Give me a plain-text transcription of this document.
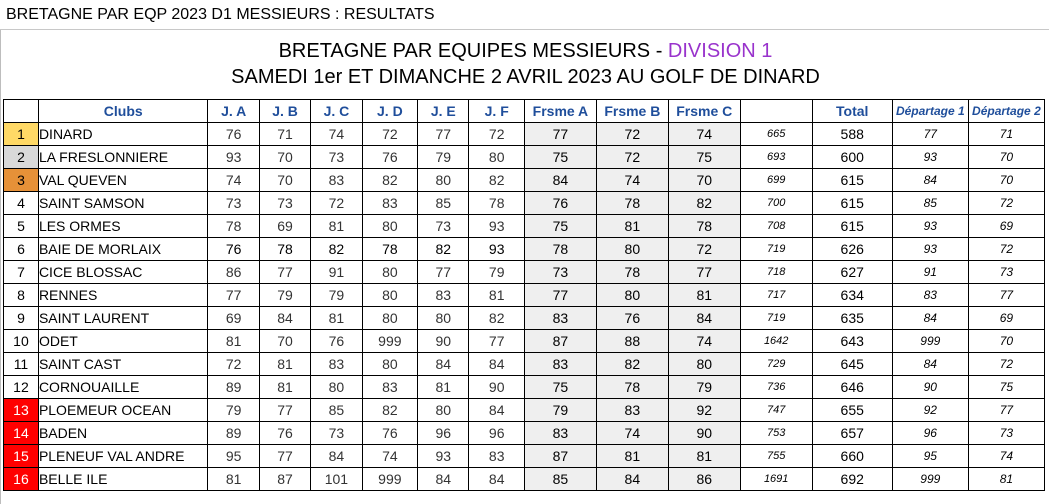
BRETAGNE PAR EQP 2023 D1 MESSIEURS : RESULTATS
BRETAGNE PAR EQUIPES MESSIEURS - DIVISION 1
SAMEDI 1er ET DIMANCHE 2 AVRIL 2023 AU GOLF DE DINARD
	Clubs	J. A	J. B	J. C	J. D	J. E	J. F	Frsme A	Frsme B	Frsme C		Total	Départage 1	Départage 2
1	DINARD	76	71	74	72	77	72	77	72	74	665	588	77	71
2	LA FRESLONNIERE	93	70	73	76	79	80	75	72	75	693	600	93	70
3	VAL QUEVEN	74	70	83	82	80	82	84	74	70	699	615	84	70
4	SAINT SAMSON	73	73	72	83	85	78	76	78	82	700	615	85	72
5	LES ORMES	78	69	81	80	73	93	75	81	78	708	615	93	69
6	BAIE DE MORLAIX	76	78	82	78	82	93	78	80	72	719	626	93	72
7	CICE BLOSSAC	86	77	91	80	77	79	73	78	77	718	627	91	73
8	RENNES	77	79	79	80	83	81	77	80	81	717	634	83	77
9	SAINT LAURENT	69	84	81	80	80	82	83	76	84	719	635	84	69
10	ODET	81	70	76	999	90	77	87	88	74	1642	643	999	70
11	SAINT CAST	72	81	83	80	84	84	83	82	80	729	645	84	72
12	CORNOUAILLE	89	81	80	83	81	90	75	78	79	736	646	90	75
13	PLOEMEUR OCEAN	79	77	85	82	80	84	79	83	92	747	655	92	77
14	BADEN	89	76	73	76	96	96	83	74	90	753	657	96	73
15	PLENEUF VAL ANDRE	95	77	84	74	93	83	87	81	81	755	660	95	74
16	BELLE ILE	81	87	101	999	84	84	85	84	86	1691	692	999	81
